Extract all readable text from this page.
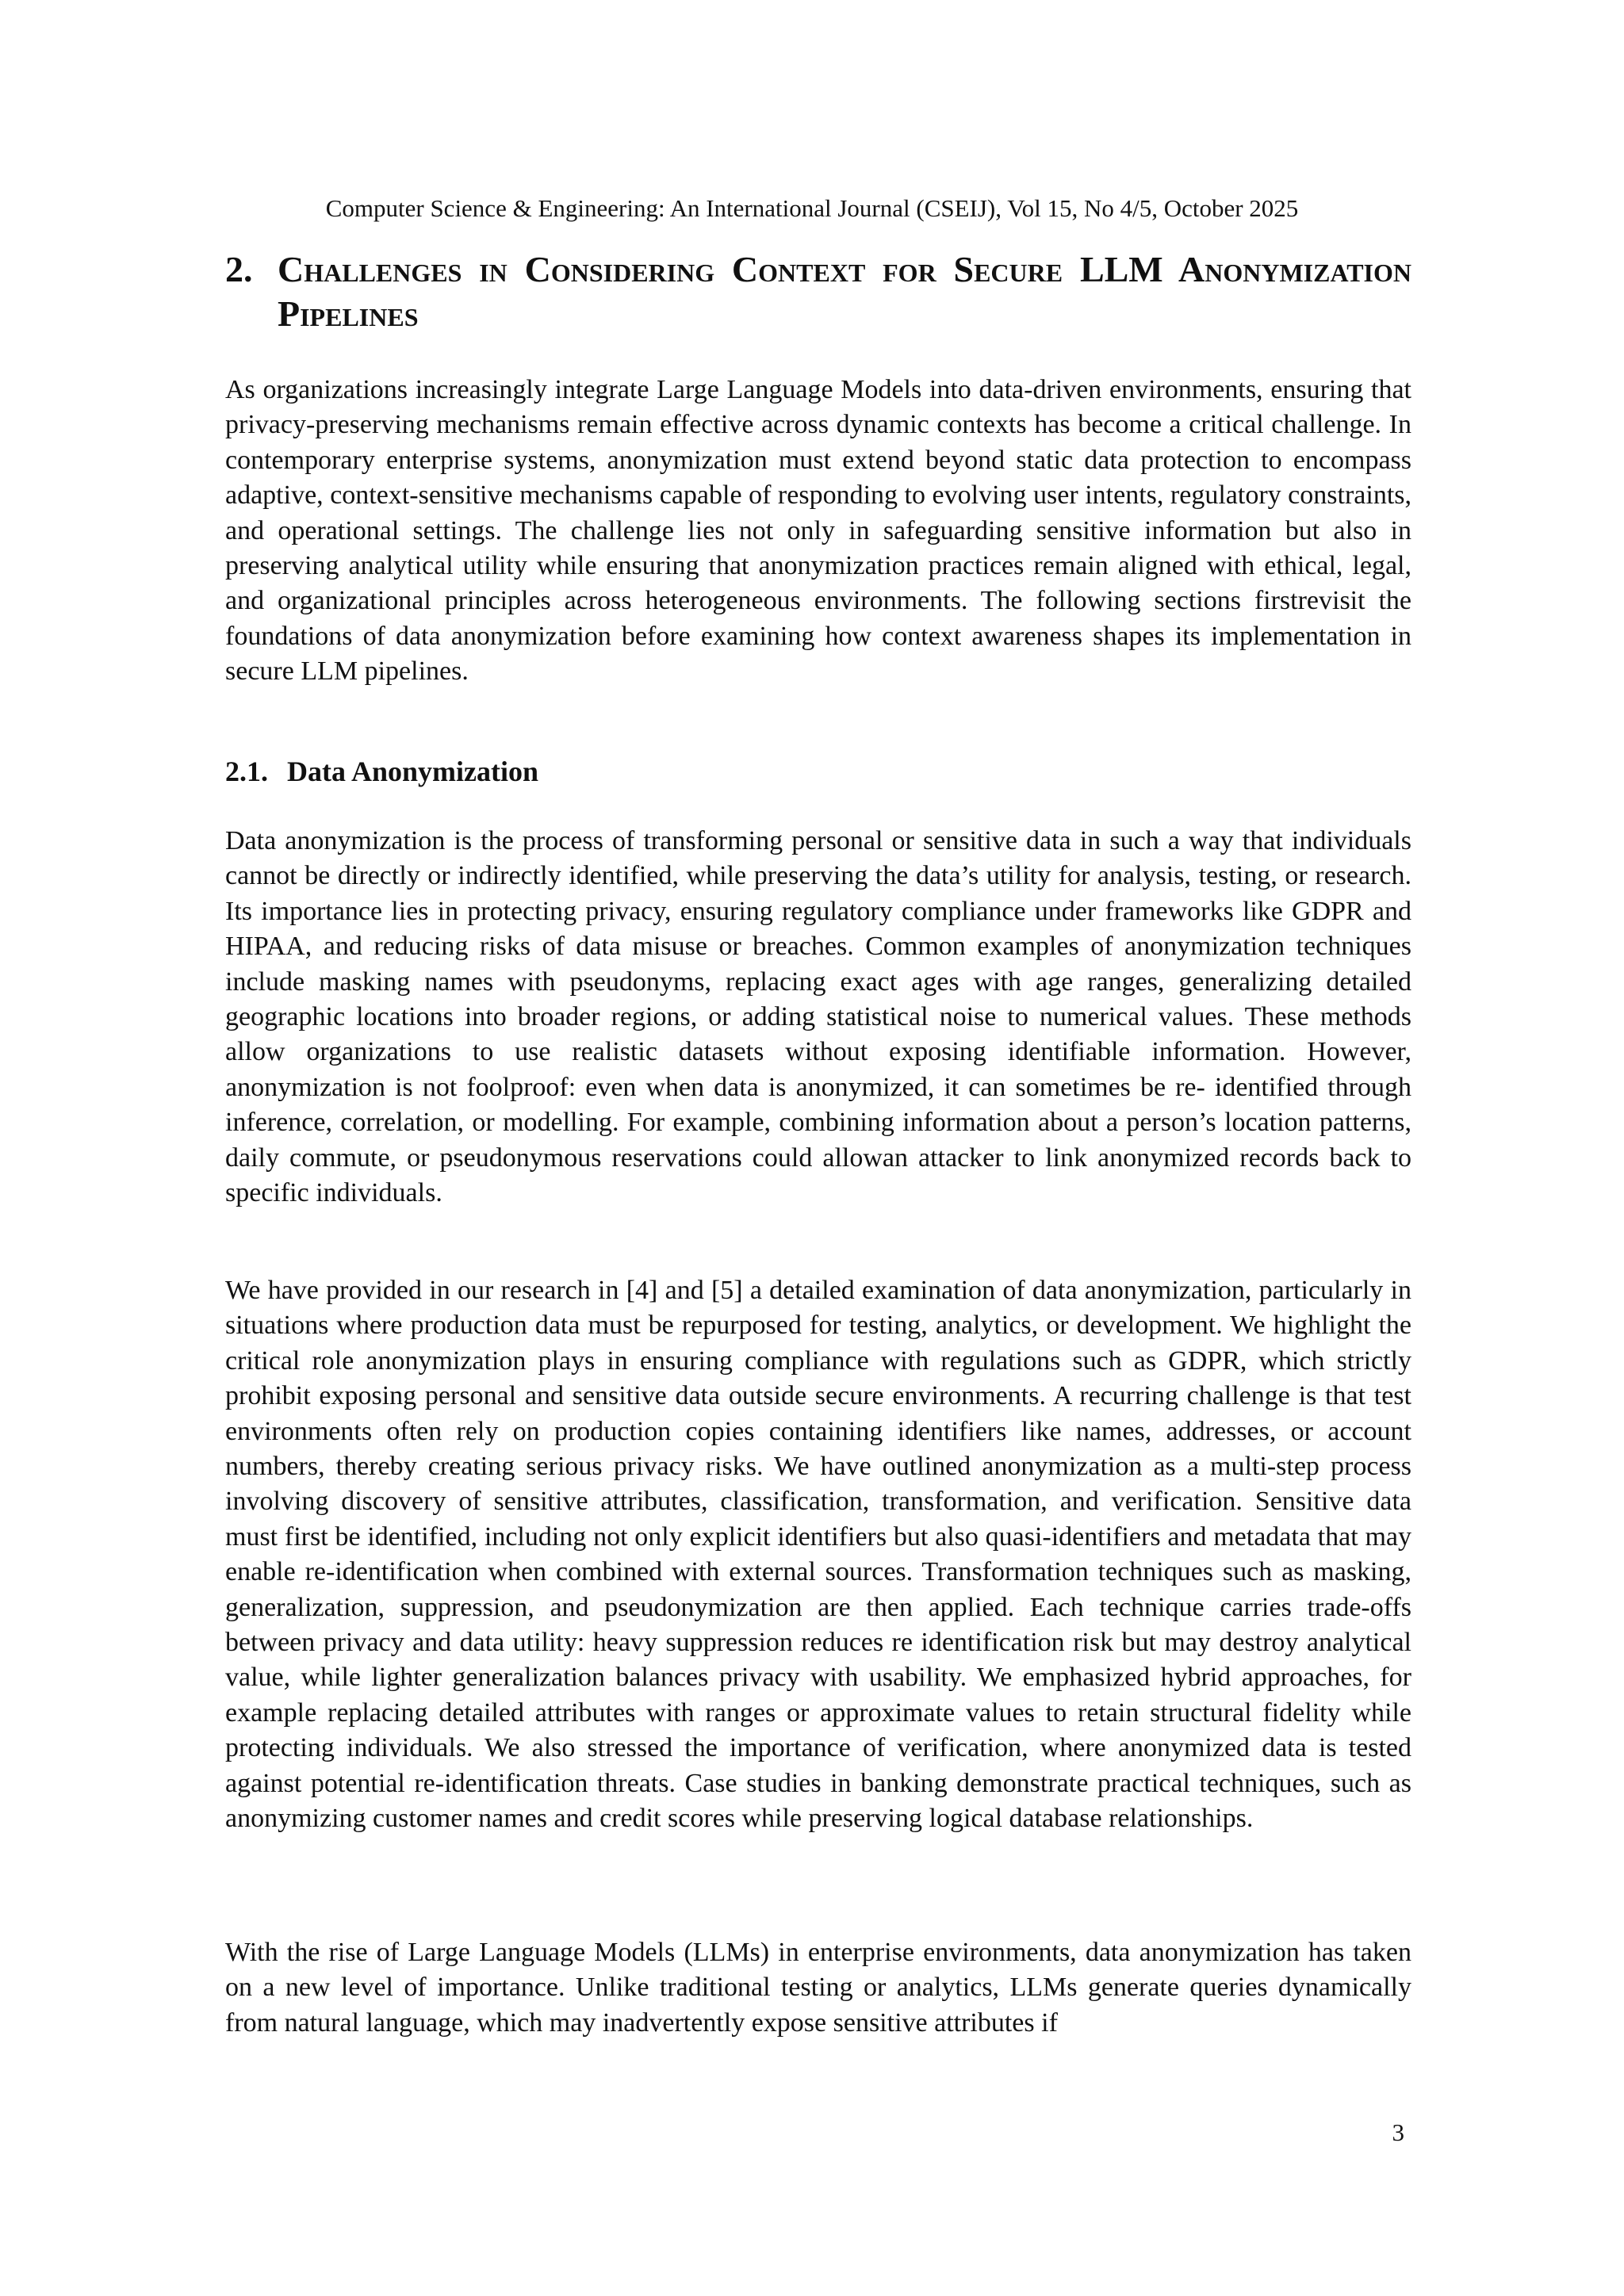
Computer Science & Engineering: An International Journal (CSEIJ), Vol 15, No 4/5, October 2025

2. Challenges in Considering Context for Secure LLM Anonymization Pipelines

As organizations increasingly integrate Large Language Models into data-driven environments, ensuring that privacy-preserving mechanisms remain effective across dynamic contexts has become a critical challenge. In contemporary enterprise systems, anonymization must extend beyond static data protection to encompass adaptive, context-sensitive mechanisms capable of responding to evolving user intents, regulatory constraints, and operational settings. The challenge lies not only in safeguarding sensitive information but also in preserving analytical utility while ensuring that anonymization practices remain aligned with ethical, legal, and organizational principles across heterogeneous environments. The following sections firstrevisit the foundations of data anonymization before examining how context awareness shapes its implementation in secure LLM pipelines.

2.1. Data Anonymization

Data anonymization is the process of transforming personal or sensitive data in such a way that individuals cannot be directly or indirectly identified, while preserving the data’s utility for analysis, testing, or research. Its importance lies in protecting privacy, ensuring regulatory compliance under frameworks like GDPR and HIPAA, and reducing risks of data misuse or breaches. Common examples of anonymization techniques include masking names with pseudonyms, replacing exact ages with age ranges, generalizing detailed geographic locations into broader regions, or adding statistical noise to numerical values. These methods allow organizations to use realistic datasets without exposing identifiable information. However, anonymization is not foolproof: even when data is anonymized, it can sometimes be re- identified through inference, correlation, or modelling. For example, combining information about a person’s location patterns, daily commute, or pseudonymous reservations could allowan attacker to link anonymized records back to specific individuals.

We have provided in our research in [4] and [5] a detailed examination of data anonymization, particularly in situations where production data must be repurposed for testing, analytics, or development. We highlight the critical role anonymization plays in ensuring compliance with regulations such as GDPR, which strictly prohibit exposing personal and sensitive data outside secure environments. A recurring challenge is that test environments often rely on production copies containing identifiers like names, addresses, or account numbers, thereby creating serious privacy risks. We have outlined anonymization as a multi-step process involving discovery of sensitive attributes, classification, transformation, and verification. Sensitive data must first be identified, including not only explicit identifiers but also quasi-identifiers and metadata that may enable re-identification when combined with external sources. Transformation techniques such as masking, generalization, suppression, and pseudonymization are then applied. Each technique carries trade-offs between privacy and data utility: heavy suppression reduces re identification risk but may destroy analytical value, while lighter generalization balances privacy with usability. We emphasized hybrid approaches, for example replacing detailed attributes with ranges or approximate values to retain structural fidelity while protecting individuals. We also stressed the importance of verification, where anonymized data is tested against potential re-identification threats. Case studies in banking demonstrate practical techniques, such as anonymizing customer names and credit scores while preserving logical database relationships.

With the rise of Large Language Models (LLMs) in enterprise environments, data anonymization has taken on a new level of importance. Unlike traditional testing or analytics, LLMs generate queries dynamically from natural language, which may inadvertently expose sensitive attributes if

3
